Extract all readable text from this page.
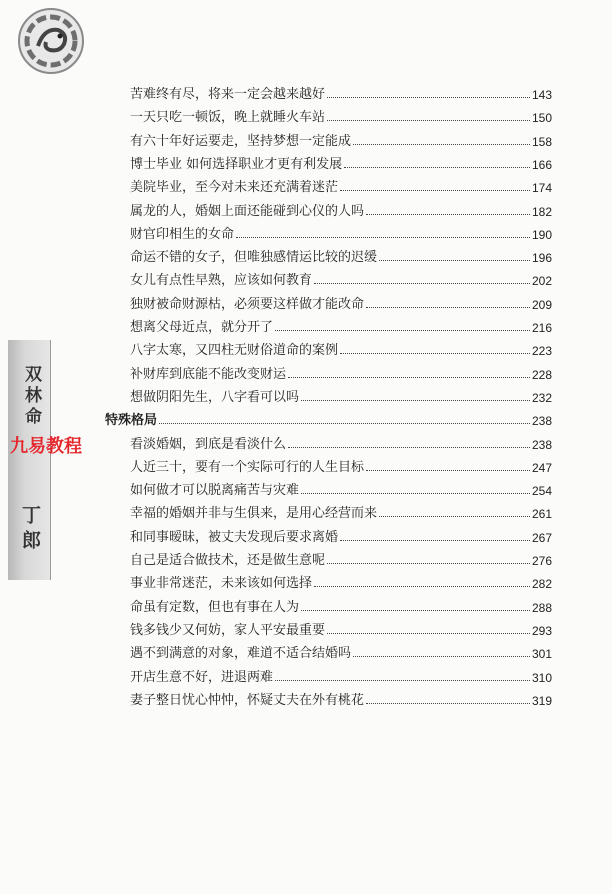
双林命
丁郎
九易教程
苦难终有尽，将来一定会越来越好	143
一天只吃一顿饭，晚上就睡火车站	150
有六十年好运要走，坚持梦想一定能成	158
博士毕业 如何选择职业才更有利发展	166
美院毕业，至今对未来还充满着迷茫	174
属龙的人，婚姻上面还能碰到心仪的人吗	182
财官印相生的女命	190
命运不错的女子，但唯独感情运比较的迟缓	196
女儿有点性早熟，应该如何教育	202
独财被命财源枯，必须要这样做才能改命	209
想离父母近点，就分开了	216
八字太寒，又四柱无财俗道命的案例	223
补财库到底能不能改变财运	228
想做阴阳先生，八字看可以吗	232
特殊格局	238
看淡婚姻，到底是看淡什么	238
人近三十，要有一个实际可行的人生目标	247
如何做才可以脱离痛苦与灾难	254
幸福的婚姻并非与生俱来，是用心经营而来	261
和同事暧昧，被丈夫发现后要求离婚	267
自己是适合做技术，还是做生意呢	276
事业非常迷茫，未来该如何选择	282
命虽有定数，但也有事在人为	288
钱多钱少又何妨，家人平安最重要	293
遇不到满意的对象，难道不适合结婚吗	301
开店生意不好，进退两难	310
妻子整日忧心忡忡，怀疑丈夫在外有桃花	319
